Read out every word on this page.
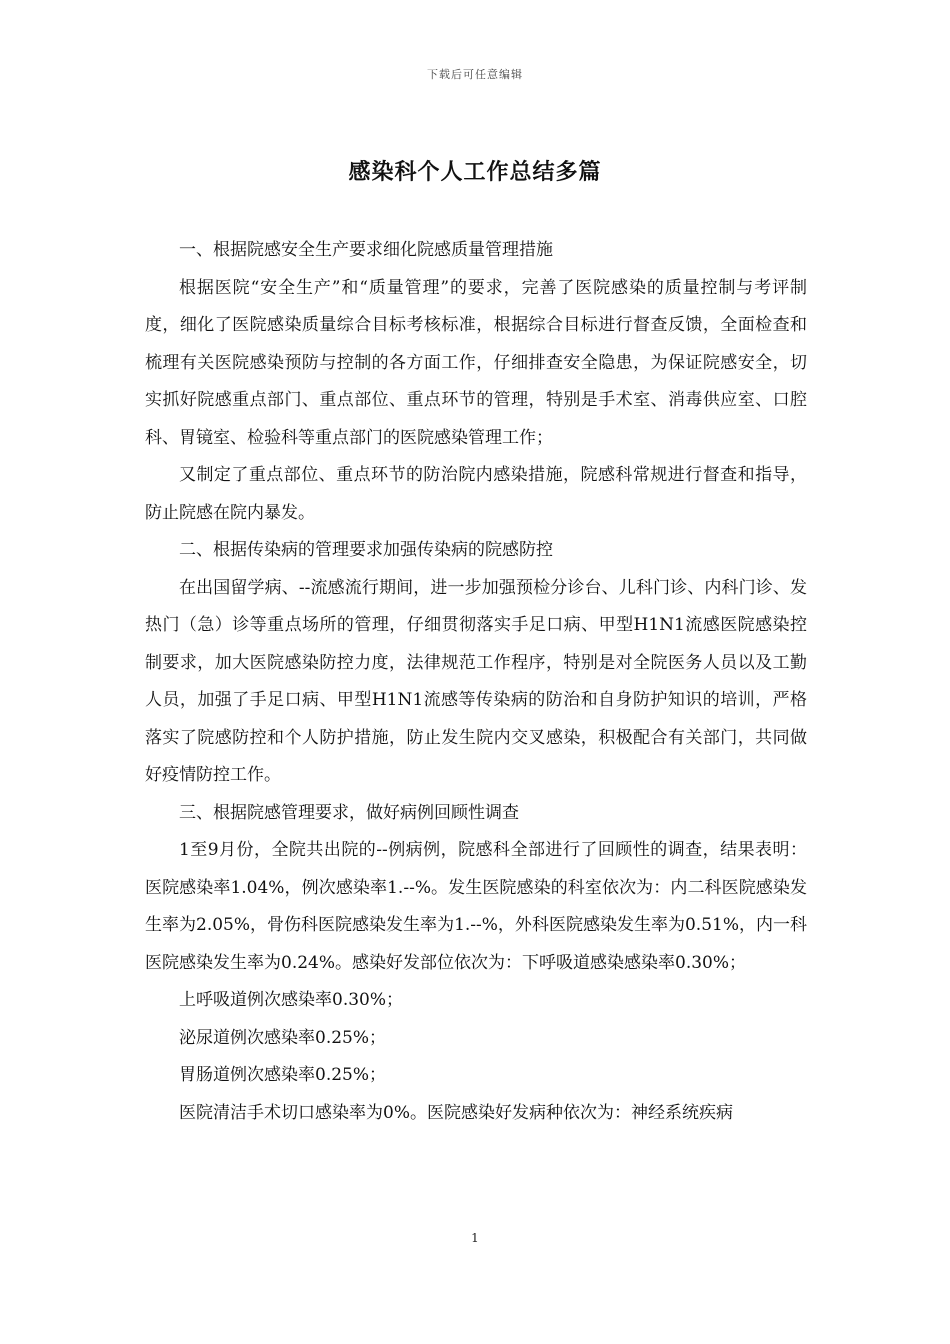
下载后可任意编辑
感染科个人工作总结多篇

一、根据院感安全生产要求细化院感质量管理措施

根据医院“安全生产”和“质量管理”的要求，完善了医院感染的质量控制与考评制度，细化了医院感染质量综合目标考核标准，根据综合目标进行督查反馈，全面检查和梳理有关医院感染预防与控制的各方面工作，仔细排查安全隐患，为保证院感安全，切实抓好院感重点部门、重点部位、重点环节的管理，特别是手术室、消毒供应室、口腔科、胃镜室、检验科等重点部门的医院感染管理工作；

又制定了重点部位、重点环节的防治院内感染措施，院感科常规进行督查和指导，防止院感在院内暴发。

二、根据传染病的管理要求加强传染病的院感防控

在出国留学病、--流感流行期间，进一步加强预检分诊台、儿科门诊、内科门诊、发热门（急）诊等重点场所的管理，仔细贯彻落实手足口病、甲型H1N1流感医院感染控制要求，加大医院感染防控力度，法律规范工作程序，特别是对全院医务人员以及工勤人员，加强了手足口病、甲型H1N1流感等传染病的防治和自身防护知识的培训，严格落实了院感防控和个人防护措施，防止发生院内交叉感染，积极配合有关部门，共同做好疫情防控工作。

三、根据院感管理要求，做好病例回顾性调查

1至9月份，全院共出院的--例病例，院感科全部进行了回顾性的调查，结果表明：医院感染率1.04%，例次感染率1.--%。发生医院感染的科室依次为：内二科医院感染发生率为2.05%，骨伤科医院感染发生率为1.--%，外科医院感染发生率为0.51%，内一科医院感染发生率为0.24%。感染好发部位依次为：下呼吸道感染感染率0.30%；

上呼吸道例次感染率0.30%；

泌尿道例次感染率0.25%；

胃肠道例次感染率0.25%；

医院清洁手术切口感染率为0%。医院感染好发病种依次为：神经系统疾病

1
